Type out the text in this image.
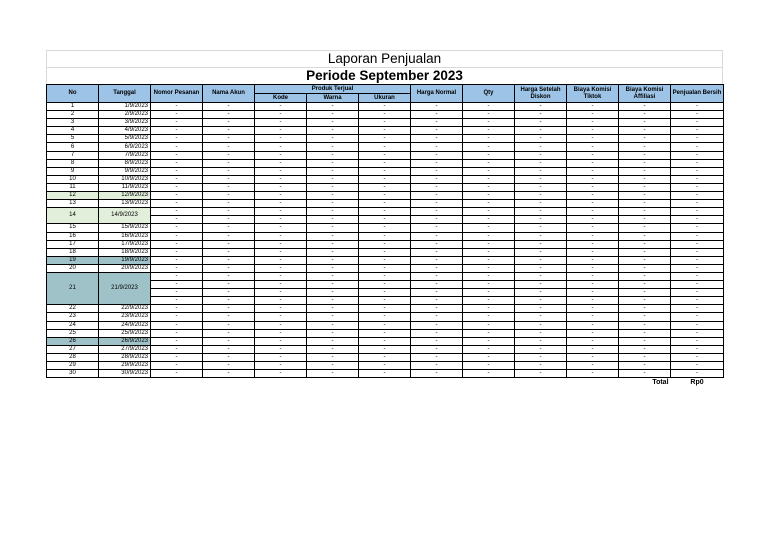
Laporan Penjualan
Periode September 2023
No	Tanggal	Nomor Pesanan	Nama Akun	Produk Terjual			Harga Normal	Qty	Harga Setelah Diskon	Biaya Komisi Tiktok	Biaya Komisi Affiliasi	Penjualan Bersih
				Kode	Warna	Ukuran						
1	1/9/2023	-	-	-	-	-	-	-	-	-	-	-
2	2/9/2023	-	-	-	-	-	-	-	-	-	-	-
3	3/9/2023	-	-	-	-	-	-	-	-	-	-	-
4	4/9/2023	-	-	-	-	-	-	-	-	-	-	-
5	5/9/2023	-	-	-	-	-	-	-	-	-	-	-
6	6/9/2023	-	-	-	-	-	-	-	-	-	-	-
7	7/9/2023	-	-	-	-	-	-	-	-	-	-	-
8	8/9/2023	-	-	-	-	-	-	-	-	-	-	-
9	9/9/2023	-	-	-	-	-	-	-	-	-	-	-
10	10/9/2023	-	-	-	-	-	-	-	-	-	-	-
11	11/9/2023	-	-	-	-	-	-	-	-	-	-	-
12	12/9/2023	-	-	-	-	-	-	-	-	-	-	-
13	13/9/2023	-	-	-	-	-	-	-	-	-	-	-
14	14/9/2023	-	-	-	-	-	-	-	-	-	-	-
		-	-	-	-	-	-	-	-	-	-	-
15	15/9/2023	-	-	-	-	-	-	-	-	-	-	-
16	16/9/2023	-	-	-	-	-	-	-	-	-	-	-
17	17/9/2023	-	-	-	-	-	-	-	-	-	-	-
18	18/9/2023	-	-	-	-	-	-	-	-	-	-	-
19	19/9/2023	-	-	-	-	-	-	-	-	-	-	-
20	20/9/2023	-	-	-	-	-	-	-	-	-	-	-
21	21/9/2023	-	-	-	-	-	-	-	-	-	-	-
		-	-	-	-	-	-	-	-	-	-	-
		-	-	-	-	-	-	-	-	-	-	-
		-	-	-	-	-	-	-	-	-	-	-
22	22/9/2023	-	-	-	-	-	-	-	-	-	-	-
23	23/9/2023	-	-	-	-	-	-	-	-	-	-	-
24	24/9/2023	-	-	-	-	-	-	-	-	-	-	-
25	25/9/2023	-	-	-	-	-	-	-	-	-	-	-
26	26/9/2023	-	-	-	-	-	-	-	-	-	-	-
27	27/9/2023	-	-	-	-	-	-	-	-	-	-	-
28	28/9/2023	-	-	-	-	-	-	-	-	-	-	-
29	29/9/2023	-	-	-	-	-	-	-	-	-	-	-
30	30/9/2023	-	-	-	-	-	-	-	-	-	-	-
											Total	Rp0
